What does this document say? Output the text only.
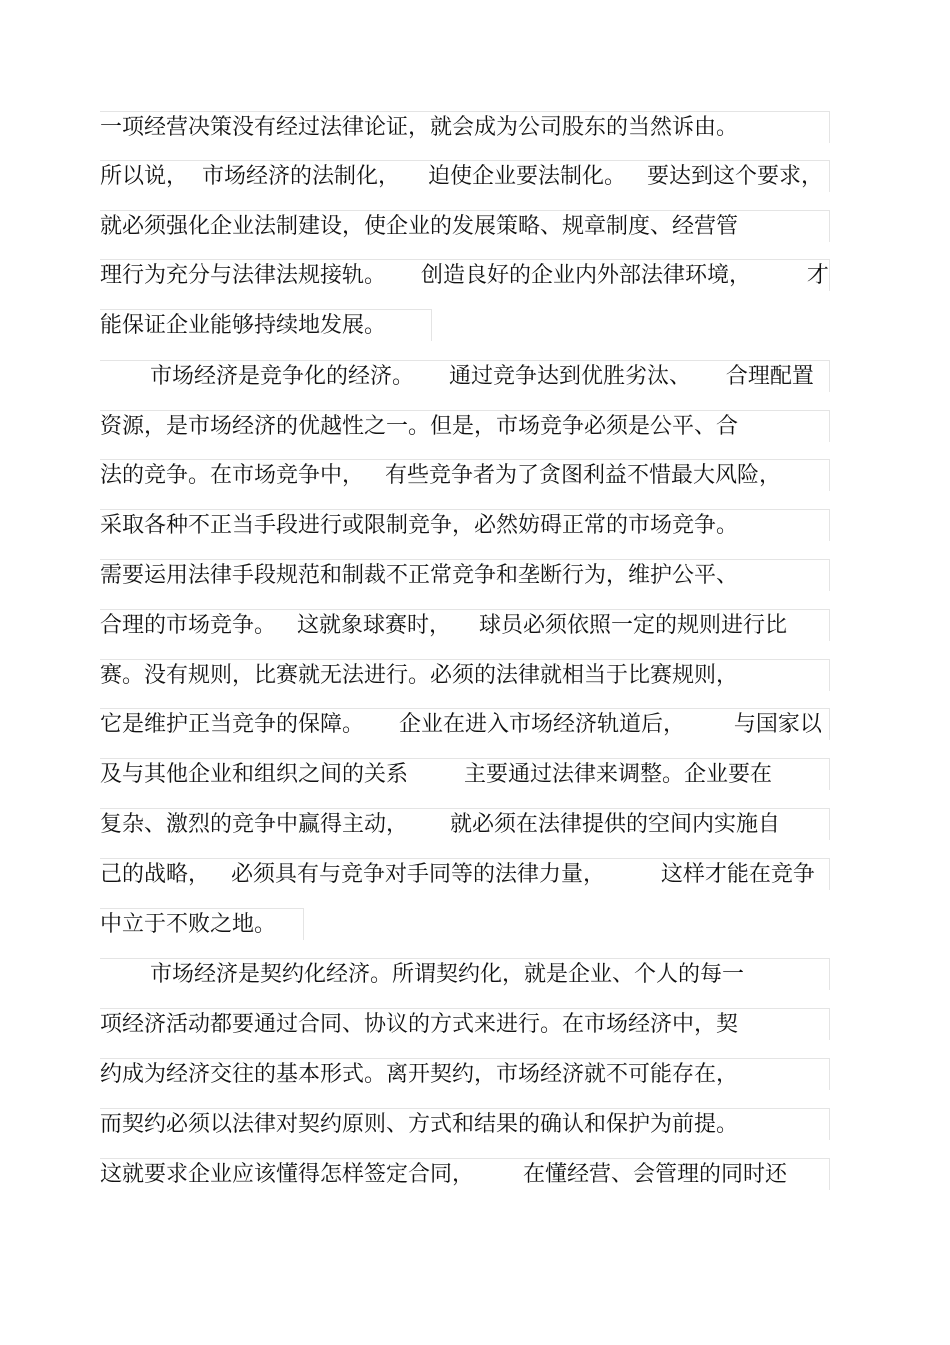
一项经营决策没有经过法律论证，就会成为公司股东的当然诉由。
所以说，  市场经济的法制化，    迫使企业要法制化。   要达到这个要求，
就必须强化企业法制建设，使企业的发展策略、规章制度、经营管
理行为充分与法律法规接轨。     创造良好的企业内外部法律环境，        才
能保证企业能够持续地发展。
市场经济是竞争化的经济。     通过竞争达到优胜劣汰、     合理配置
资源，是市场经济的优越性之一。但是，市场竞争必须是公平、合
法的竞争。在市场竞争中，   有些竞争者为了贪图利益不惜最大风险，
采取各种不正当手段进行或限制竞争，必然妨碍正常的市场竞争。
需要运用法律手段规范和制裁不正常竞争和垄断行为，维护公平、
合理的市场竞争。   这就象球赛时，    球员必须依照一定的规则进行比
赛。没有规则，比赛就无法进行。必须的法律就相当于比赛规则，
它是维护正当竞争的保障。     企业在进入市场经济轨道后，       与国家以
及与其他企业和组织之间的关系        主要通过法律来调整。企业要在
复杂、激烈的竞争中赢得主动，      就必须在法律提供的空间内实施自
己的战略，   必须具有与竞争对手同等的法律力量，        这样才能在竞争
中立于不败之地。
市场经济是契约化经济。所谓契约化，就是企业、个人的每一
项经济活动都要通过合同、协议的方式来进行。在市场经济中，契
约成为经济交往的基本形式。离开契约，市场经济就不可能存在，
而契约必须以法律对契约原则、方式和结果的确认和保护为前提。
这就要求企业应该懂得怎样签定合同，       在懂经营、会管理的同时还
